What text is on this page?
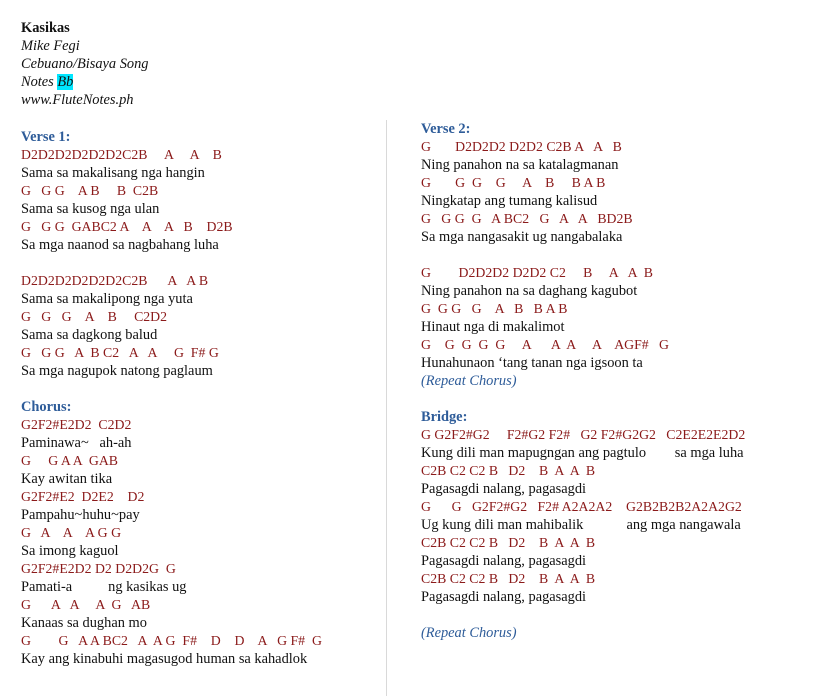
Kasikas
Mike Fegi
Cebuano/Bisaya Song
Notes Bb
www.FluteNotes.ph
Verse 1:
D2D2D2D2D2D2C2B     A     A    B
Sama sa makalisang nga hangin
G   G G    A B     B  C2B
Sama sa kusog nga ulan
G   G G  GABC2 A    A    A   B    D2B
Sa mga naanod sa nagbahang luha
D2D2D2D2D2D2C2B      A   A B
Sama sa makalipong nga yuta
G   G   G    A    B     C2D2
Sama sa dagkong balud
G   G G   A  B C2   A   A     G  F# G
Sa mga nagupok natong paglaum
Chorus:
G2F2#E2D2  C2D2
Paminawa~   ah-ah
G     G A A  GAB
Kay awitan tika
G2F2#E2  D2E2    D2
Pampahu~huhu~pay
G   A    A    A G G
Sa imong kaguol
G2F2#E2D2 D2 D2D2G  G
Pamati-a          ng kasikas ug
G      A   A     A  G   AB
Kanaas sa dughan mo
G        G   A A BC2   A  A G  F#    D    D    A   G F#  G
Kay ang kinabuhi magasugod human sa kahadlok
Verse 2:
G       D2D2D2 D2D2 C2B A   A   B
Ning panahon na sa katalagmanan
G       G  G    G     A    B     B A B
Ningkatap ang tumang kalisud
G   G G  G   A BC2   G   A   A   BD2B
Sa mga nangasakit ug nangabalaka
G        D2D2D2 D2D2 C2     B     A   A  B
Ning panahon na sa daghang kagubot
G  G G   G    A   B   B A B
Hinaut nga di makalimot
G    G  G  G  G     A      A  A     A    AGF#   G
Hunahunaon ‘tang tanan nga igsoon ta
(Repeat Chorus)
Bridge:
G G2F2#G2     F2#G2 F2#   G2 F2#G2G2   C2E2E2E2D2
Kung dili man mapugngan ang pagtulo        sa mga luha
C2B C2 C2 B   D2    B  A  A  B
Pagasagdi nalang, pagasagdi
G      G   G2F2#G2   F2# A2A2A2    G2B2B2B2A2A2G2
Ug kung dili man mahibalik            ang mga nangawala
C2B C2 C2 B   D2    B  A  A  B
Pagasagdi nalang, pagasagdi
C2B C2 C2 B   D2    B  A  A  B
Pagasagdi nalang, pagasagdi
(Repeat Chorus)
